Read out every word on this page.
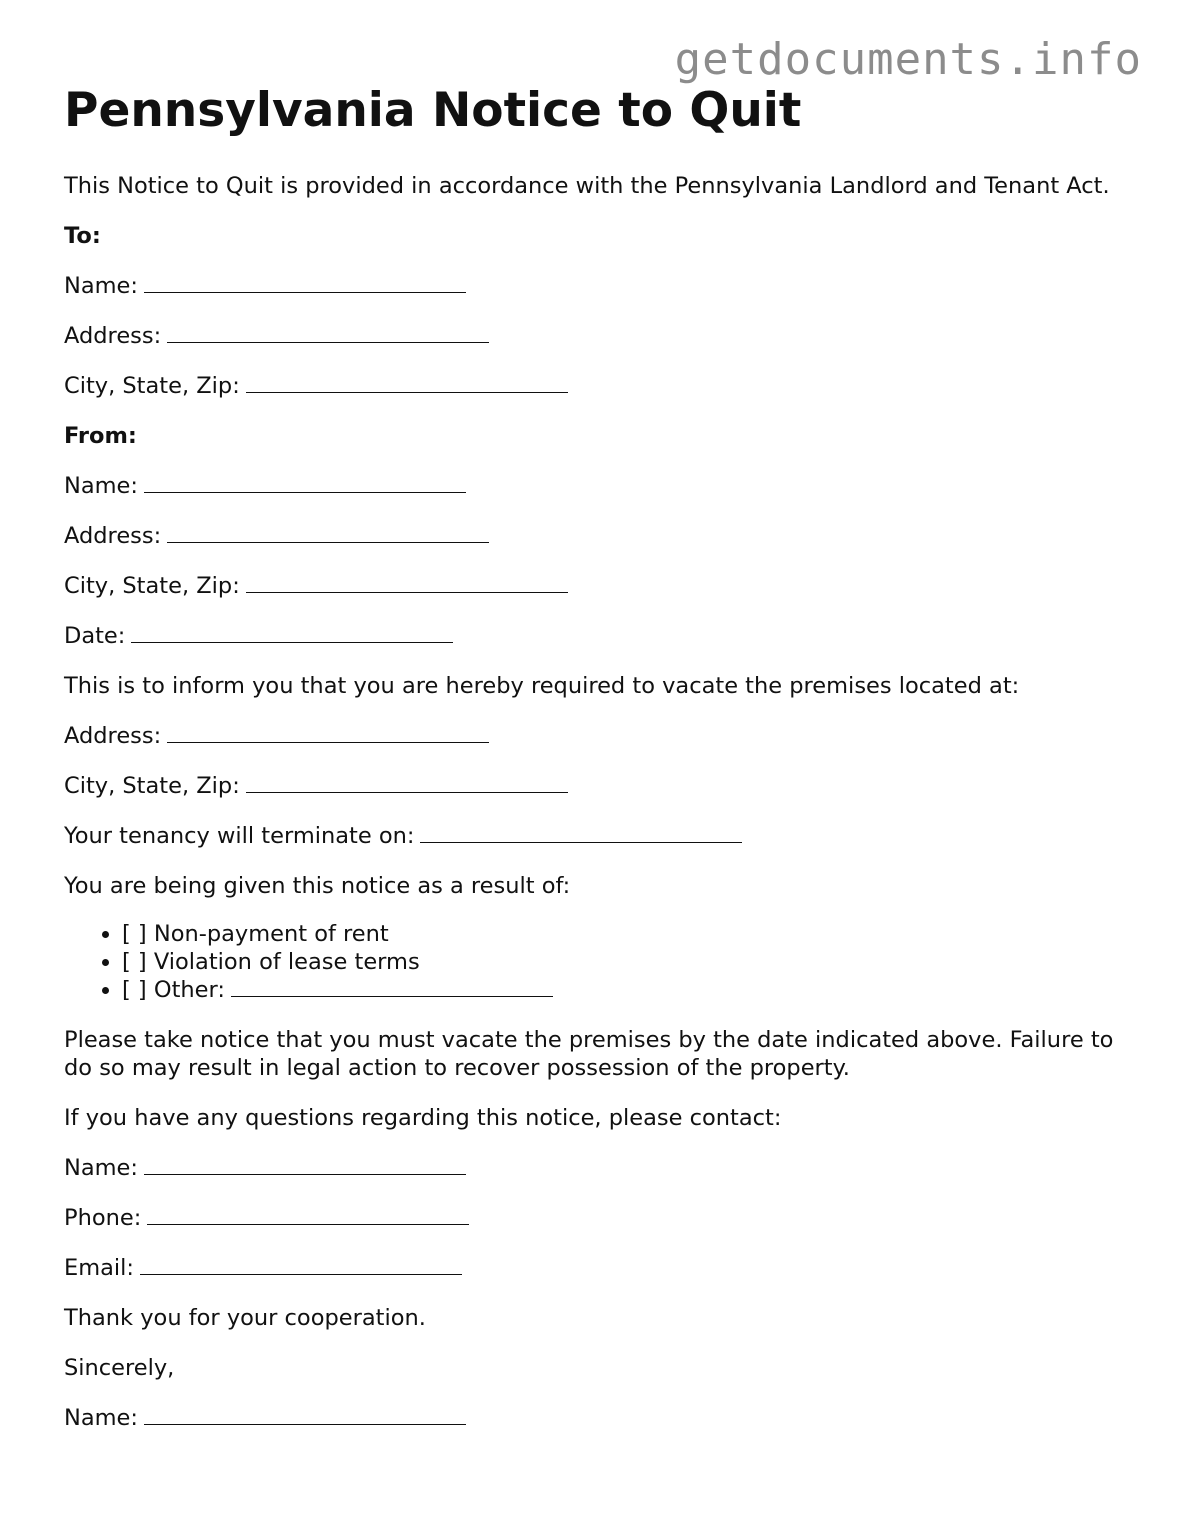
getdocuments.info
Pennsylvania Notice to Quit

This Notice to Quit is provided in accordance with the Pennsylvania Landlord and Tenant Act.

To:

Name:

Address:

City, State, Zip:

From:

Name:

Address:

City, State, Zip:

Date:

This is to inform you that you are hereby required to vacate the premises located at:

Address:

City, State, Zip:

Your tenancy will terminate on:

You are being given this notice as a result of:

• [ ] Non-payment of rent
• [ ] Violation of lease terms
• [ ] Other:

Please take notice that you must vacate the premises by the date indicated above. Failure to do so may result in legal action to recover possession of the property.

If you have any questions regarding this notice, please contact:

Name:

Phone:

Email:

Thank you for your cooperation.

Sincerely,

Name:
